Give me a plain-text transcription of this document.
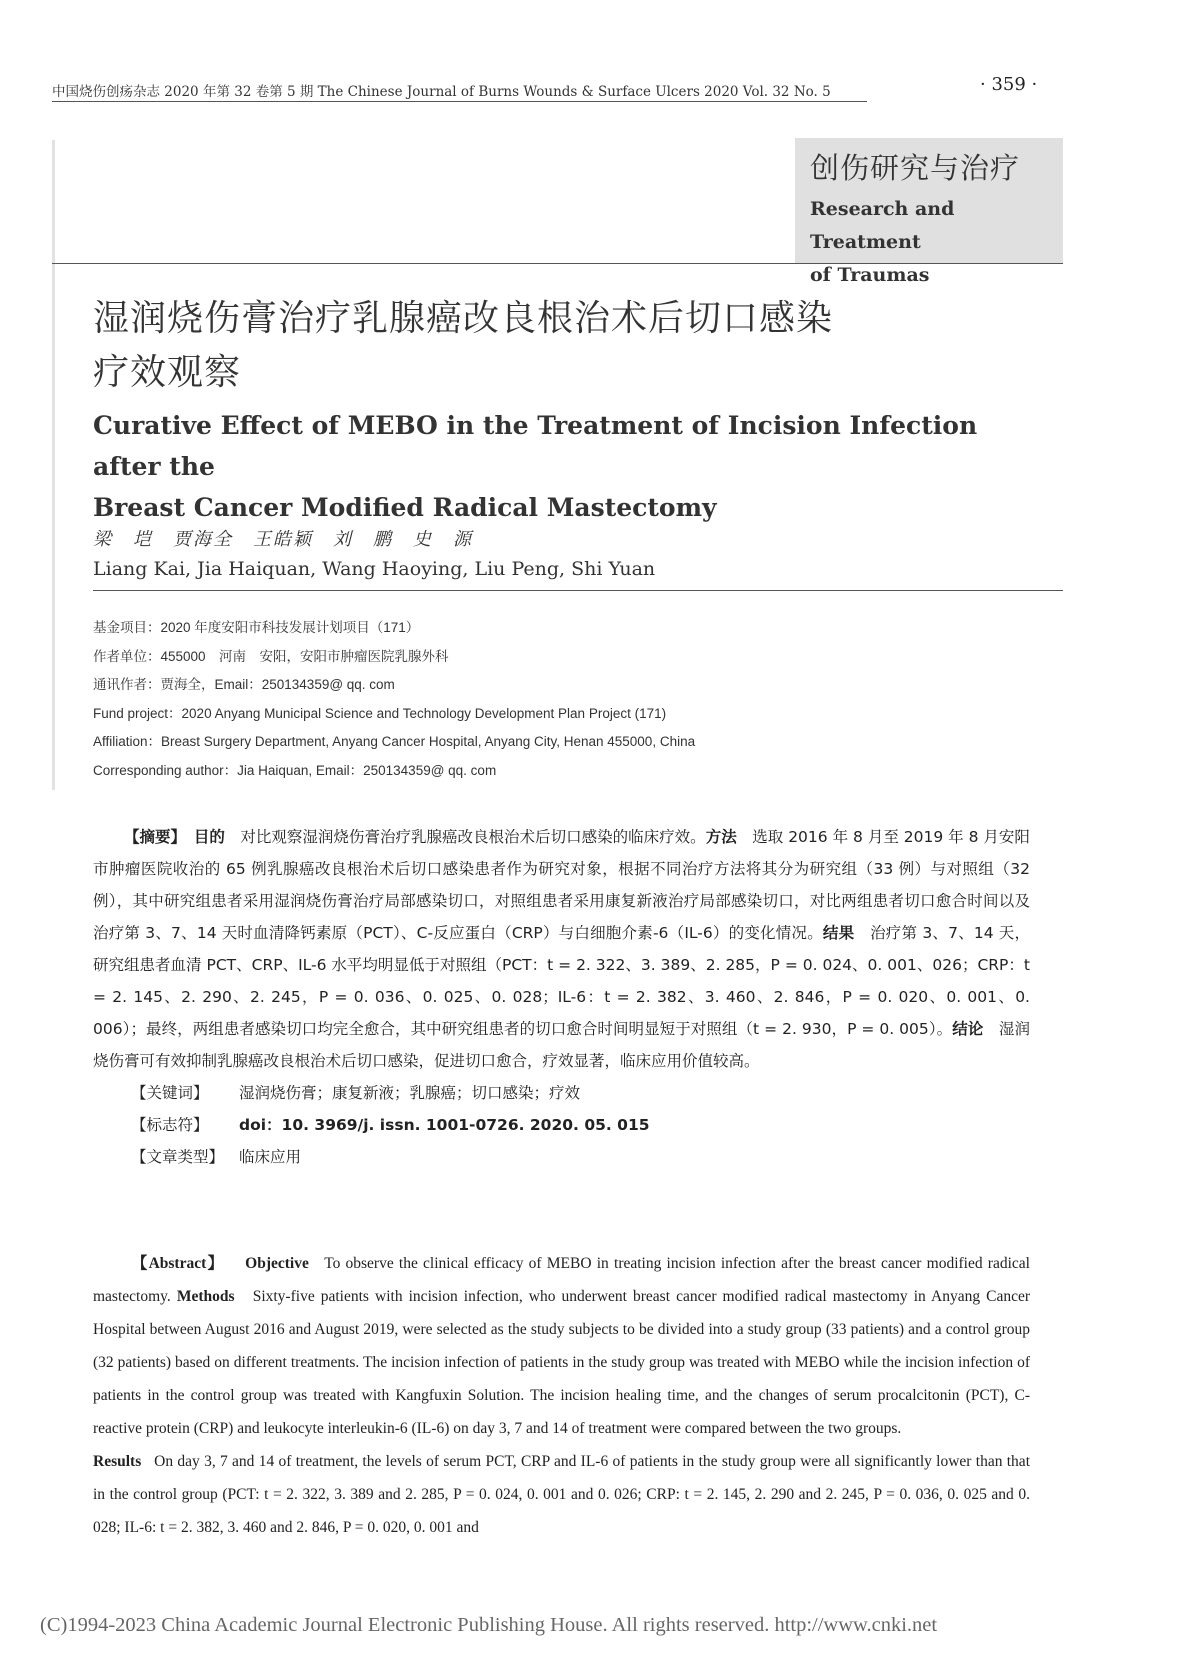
中国烧伤创疡杂志 2020 年第 32 卷第 5 期 The Chinese Journal of Burns Wounds & Surface Ulcers 2020 Vol. 32 No. 5	· 359 ·
创伤研究与治疗
Research and Treatment
of Traumas
湿润烧伤膏治疗乳腺癌改良根治术后切口感染
疗效观察
Curative Effect of MEBO in the Treatment of Incision Infection after the
Breast Cancer Modified Radical Mastectomy
梁　垲　贾海全　王皓颖　刘　鹏　史　源
Liang Kai, Jia Haiquan, Wang Haoying, Liu Peng, Shi Yuan
基金项目：2020 年度安阳市科技发展计划项目（171）
作者单位：455000　河南　安阳，安阳市肿瘤医院乳腺外科
通讯作者：贾海全，Email：250134359@ qq. com
Fund project：2020 Anyang Municipal Science and Technology Development Plan Project (171)
Affiliation：Breast Surgery Department, Anyang Cancer Hospital, Anyang City, Henan 455000, China
Corresponding author：Jia Haiquan, Email：250134359@ qq. com

【摘要】　 目的　 对比观察湿润烧伤膏治疗乳腺癌改良根治术后切口感染的临床疗效。方法　 选取 2016 年 8 月至 2019 年 8 月安阳市肿瘤医院收治的 65 例乳腺癌改良根治术后切口感染患者作为研究对象，根据不同治疗方法将其分为研究组（33 例）与对照组（32 例），其中研究组患者采用湿润烧伤膏治疗局部感染切口，对照组患者采用康复新液治疗局部感染切口，对比两组患者切口愈合时间以及治疗第 3、7、14 天时血清降钙素原（PCT）、C-反应蛋白（CRP）与白细胞介素-6（IL-6）的变化情况。结果　 治疗第 3、7、14 天，研究组患者血清 PCT、CRP、IL-6 水平均明显低于对照组（PCT：t = 2. 322、3. 389、2. 285，P = 0. 024、0. 001、026；CRP：t = 2. 145、2. 290、2. 245，P = 0. 036、0. 025、0. 028；IL-6：t = 2. 382、3. 460、2. 846，P = 0. 020、0. 001、0. 006）；最终，两组患者感染切口均完全愈合，其中研究组患者的切口愈合时间明显短于对照组（t = 2. 930，P = 0. 005）。结论　 湿润烧伤膏可有效抑制乳腺癌改良根治术后切口感染，促进切口愈合，疗效显著，临床应用价值较高。

【关键词】 湿润烧伤膏；康复新液；乳腺癌；切口感染；疗效
【标志符】 doi：10. 3969/j. issn. 1001-0726. 2020. 05. 015
【文章类型】 临床应用

【Abstract】 Objective To observe the clinical efficacy of MEBO in treating incision infection after the breast cancer modified radical mastectomy. Methods Sixty-five patients with incision infection, who underwent breast cancer modified radical mastectomy in Anyang Cancer Hospital between August 2016 and August 2019, were selected as the study subjects to be divided into a study group (33 patients) and a control group (32 patients) based on different treatments. The incision infection of patients in the study group was treated with MEBO while the incision infection of patients in the control group was treated with Kangfuxin Solution. The incision healing time, and the changes of serum procalcitonin (PCT), C-reactive protein (CRP) and leukocyte interleukin-6 (IL-6) on day 3, 7 and 14 of treatment were compared between the two groups.

Results On day 3, 7 and 14 of treatment, the levels of serum PCT, CRP and IL-6 of patients in the study group were all significantly lower than that in the control group (PCT: t = 2. 322, 3. 389 and 2. 285, P = 0. 024, 0. 001 and 0. 026; CRP: t = 2. 145, 2. 290 and 2. 245, P = 0. 036, 0. 025 and 0. 028; IL-6: t = 2. 382, 3. 460 and 2. 846, P = 0. 020, 0. 001 and
(C)1994-2023 China Academic Journal Electronic Publishing House. All rights reserved. http://www.cnki.net
